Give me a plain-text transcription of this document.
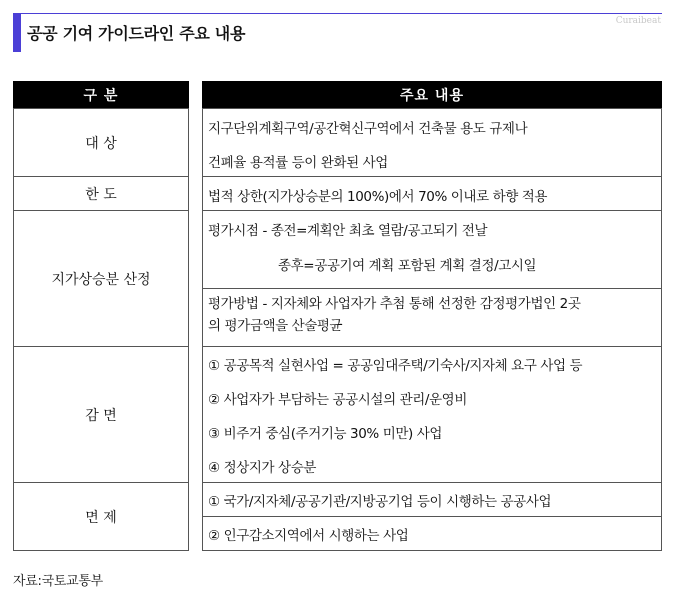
공공 기여 가이드라인 주요 내용
Curaibeat
구 분
대 상
한 도
지가상승분 산정
감 면
면 제
주요 내용
지구단위계획구역/공간혁신구역에서 건축물 용도 규제나
건폐율 용적률 등이 완화된 사업
법적 상한(지가상승분의 100%)에서 70% 이내로 하향 적용
평가시점 - 종전=계획안 최초 열람/공고되기 전날
종후=공공기여 계획 포함된 계획 결정/고시일
평가방법 - 지자체와 사업자가 추첨 통해 선정한 감정평가법인 2곳
의 평가금액을 산술평균
① 공공목적 실현사업 = 공공임대주택/기숙사/지자체 요구 사업 등
② 사업자가 부담하는 공공시설의 관리/운영비
③ 비주거 중심(주거기능 30% 미만) 사업
④ 정상지가 상승분
① 국가/지자체/공공기관/지방공기업 등이 시행하는 공공사업
② 인구감소지역에서 시행하는 사업
자료:국토교통부
